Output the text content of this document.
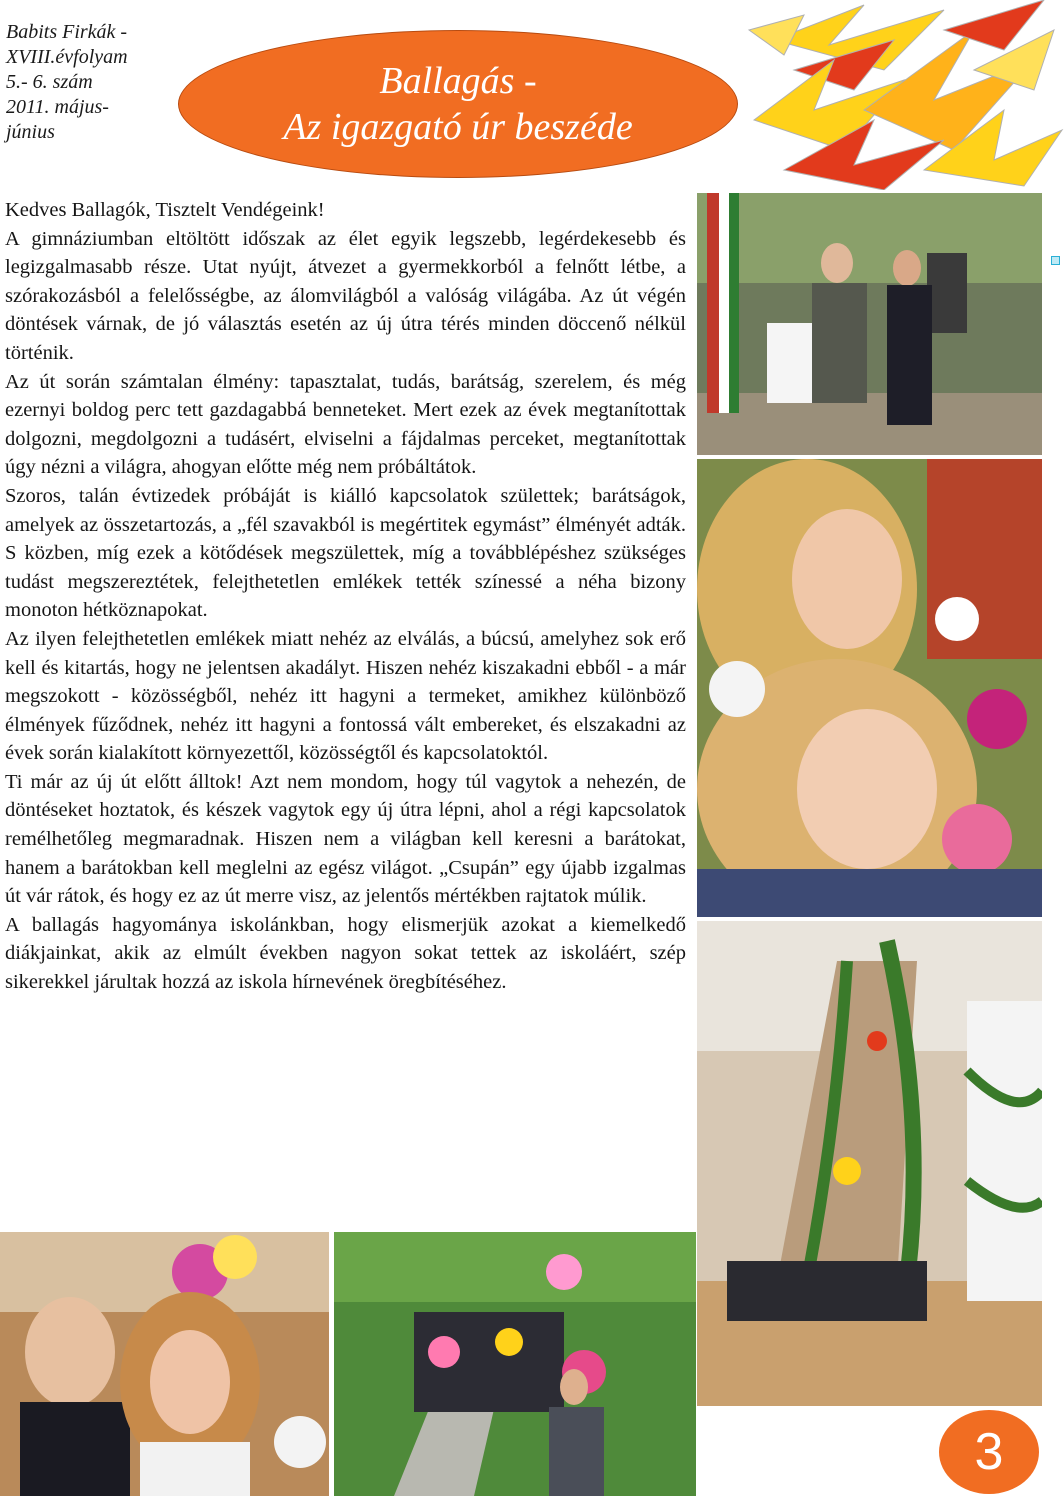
Babits Firkák -
XVIII.évfolyam
5.- 6. szám
2011. május-
június
Ballagás -
Az igazgató úr beszéde

Kedves Ballagók, Tisztelt Vendégeink!

A gimnáziumban eltöltött időszak az élet egyik legszebb, legérdekesebb és legizgalmasabb része. Utat nyújt, átvezet a gyermekkorból a felnőtt létbe, a szórakozásból a felelősségbe, az álomvilágból a valóság világába. Az út végén döntések várnak, de jó választás esetén az új útra térés minden döccenő nélkül történik.

Az út során számtalan élmény: tapasztalat, tudás, barátság, szerelem, és még ezernyi boldog perc tett gazdagabbá benneteket. Mert ezek az évek megtanítottak dolgozni, megdolgozni a tudásért, elviselni a fájdalmas perceket, megtanítottak úgy nézni a világra, ahogyan előtte még nem próbáltátok.

Szoros, talán évtizedek próbáját is kiálló kapcsolatok születtek; barátságok, amelyek az összetartozás, a „fél szavakból is megértitek egymást” élményét adták. S közben, míg ezek a kötődések megszülettek, míg a továbblépéshez szükséges tudást megszereztétek, felejthetetlen emlékek tették színessé a néha bizony monoton hétköznapokat.

Az ilyen felejthetetlen emlékek miatt nehéz az elválás, a búcsú, amelyhez sok erő kell és kitartás, hogy ne jelentsen akadályt. Hiszen nehéz kiszakadni ebből - a már megszokott - közösségből, nehéz itt hagyni a termeket, amikhez különböző élmények fűződnek, nehéz itt hagyni a fontossá vált embereket, és elszakadni az évek során kialakított környezettől, közösségtől és kapcsolatoktól.

Ti már az új út előtt álltok! Azt nem mondom, hogy túl vagytok a nehezén, de döntéseket hoztatok, és készek vagytok egy új útra lépni, ahol a régi kapcsolatok remélhetőleg megmaradnak. Hiszen nem a világban kell keresni a barátokat, hanem a barátokban kell meglelni az egész világot. „Csupán” egy újabb izgalmas út vár rátok, és hogy ez az út merre visz, az jelentős mértékben rajtatok múlik.

A ballagás hagyománya iskolánkban, hogy elismerjük azokat a kiemelkedő diákjainkat, akik az elmúlt években nagyon sokat tettek az iskoláért, szép sikerekkel járultak hozzá az iskola hírnevének öregbítéséhez.

3
